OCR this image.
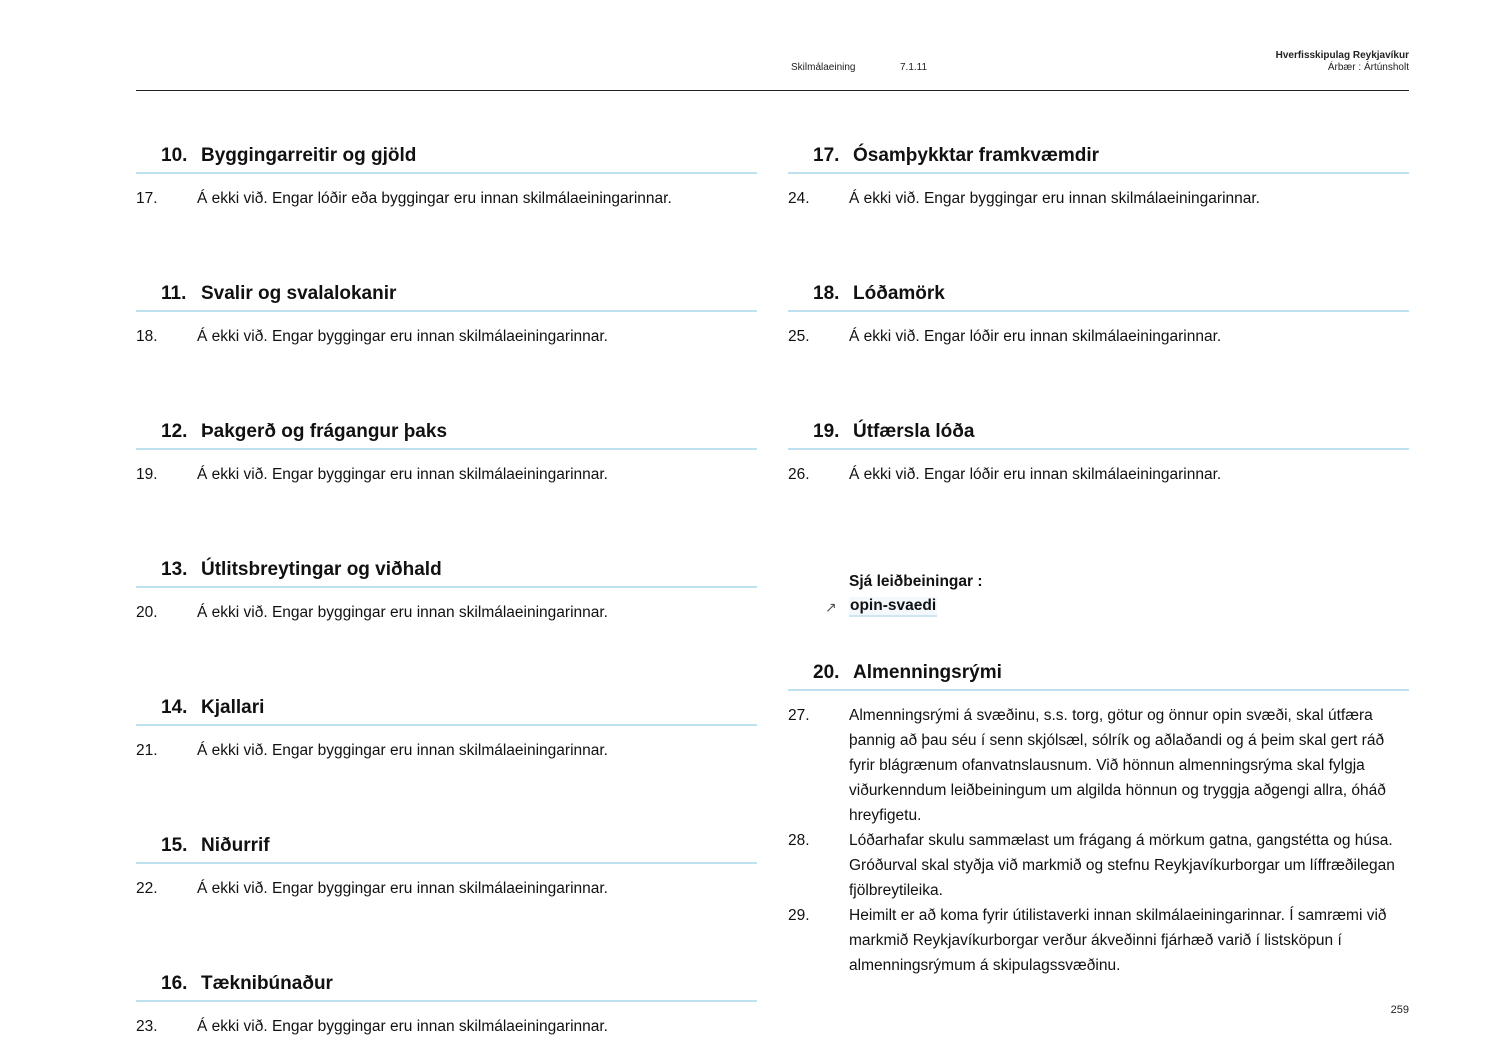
Skilmálaeining	7.1.11
Hverfisskipulag Reykjavíkur
Árbær : Ártúnsholt
10. Byggingarreitir og gjöld
17.	Á ekki við. Engar lóðir eða byggingar eru innan skilmálaeiningarinnar.
11. Svalir og svalalokanir
18.	Á ekki við. Engar byggingar eru innan skilmálaeiningarinnar.
12. Þakgerð og frágangur þaks
19.	Á ekki við. Engar byggingar eru innan skilmálaeiningarinnar.
13. Útlitsbreytingar og viðhald
20.	Á ekki við. Engar byggingar eru innan skilmálaeiningarinnar.
14. Kjallari
21.	Á ekki við. Engar byggingar eru innan skilmálaeiningarinnar.
15. Niðurrif
22.	Á ekki við. Engar byggingar eru innan skilmálaeiningarinnar.
16. Tæknibúnaður
23.	Á ekki við. Engar byggingar eru innan skilmálaeiningarinnar.
17. Ósamþykktar framkvæmdir
24.	Á ekki við. Engar byggingar eru innan skilmálaeiningarinnar.
18. Lóðamörk
25.	Á ekki við. Engar lóðir eru innan skilmálaeiningarinnar.
19. Útfærsla lóða
26.	Á ekki við. Engar lóðir eru innan skilmálaeiningarinnar.
Sjá leiðbeiningar :
↗ opin-svaedi
20. Almenningsrými
27.	Almenningsrými á svæðinu, s.s. torg, götur og önnur opin svæði, skal útfæra þannig að þau séu í senn skjólsæl, sólrík og aðlaðandi og á þeim skal gert ráð fyrir blágrænum ofanvatnslausnum. Við hönnun almenningsrýma skal fylgja viðurkenndum leiðbeiningum um algilda hönnun og tryggja aðgengi allra, óháð hreyfigetu.
28.	Lóðarhafar skulu sammælast um frágang á mörkum gatna, gangstétta og húsa. Gróðurval skal styðja við markmið og stefnu Reykjavíkurborgar um líffræðilegan fjölbreytileika.
29.	Heimilt er að koma fyrir útilistaverki innan skilmálaeiningarinnar. Í samræmi við markmið Reykjavíkurborgar verður ákveðinni fjárhæð varið í listsköpun í almenningsrýmum á skipulagssvæðinu.
259
